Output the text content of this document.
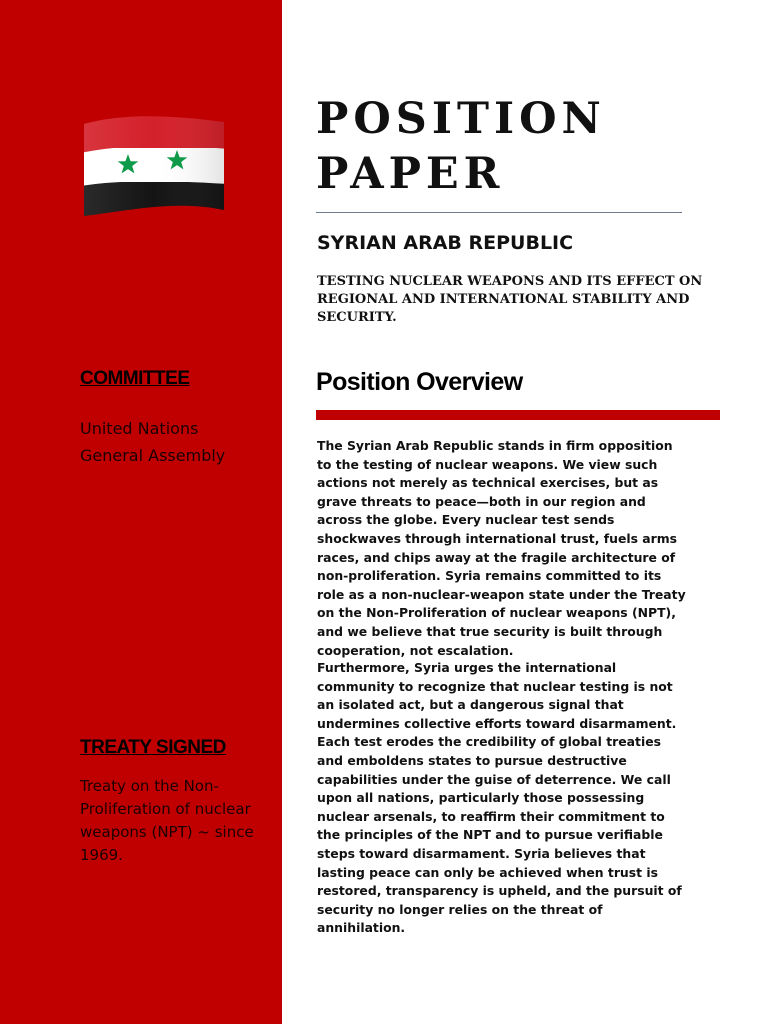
COMMITTEE

United Nations
General Assembly

TREATY SIGNED

Treaty on the Non-Proliferation of nuclear weapons (NPT) ~ since 1969.

POSITION
PAPER
SYRIAN ARAB REPUBLIC

TESTING NUCLEAR WEAPONS AND ITS EFFECT ON REGIONAL AND INTERNATIONAL STABILITY AND SECURITY.

Position Overview

The Syrian Arab Republic stands in firm opposition to the testing of nuclear weapons. We view such actions not merely as technical exercises, but as grave threats to peace—both in our region and across the globe. Every nuclear test sends shockwaves through international trust, fuels arms races, and chips away at the fragile architecture of non-proliferation. Syria remains committed to its role as a non-nuclear-weapon state under the Treaty on the Non-Proliferation of nuclear weapons (NPT), and we believe that true security is built through cooperation, not escalation.

Furthermore, Syria urges the international community to recognize that nuclear testing is not an isolated act, but a dangerous signal that undermines collective efforts toward disarmament. Each test erodes the credibility of global treaties and emboldens states to pursue destructive capabilities under the guise of deterrence. We call upon all nations, particularly those possessing nuclear arsenals, to reaffirm their commitment to the principles of the NPT and to pursue verifiable steps toward disarmament. Syria believes that lasting peace can only be achieved when trust is restored, transparency is upheld, and the pursuit of security no longer relies on the threat of annihilation.
